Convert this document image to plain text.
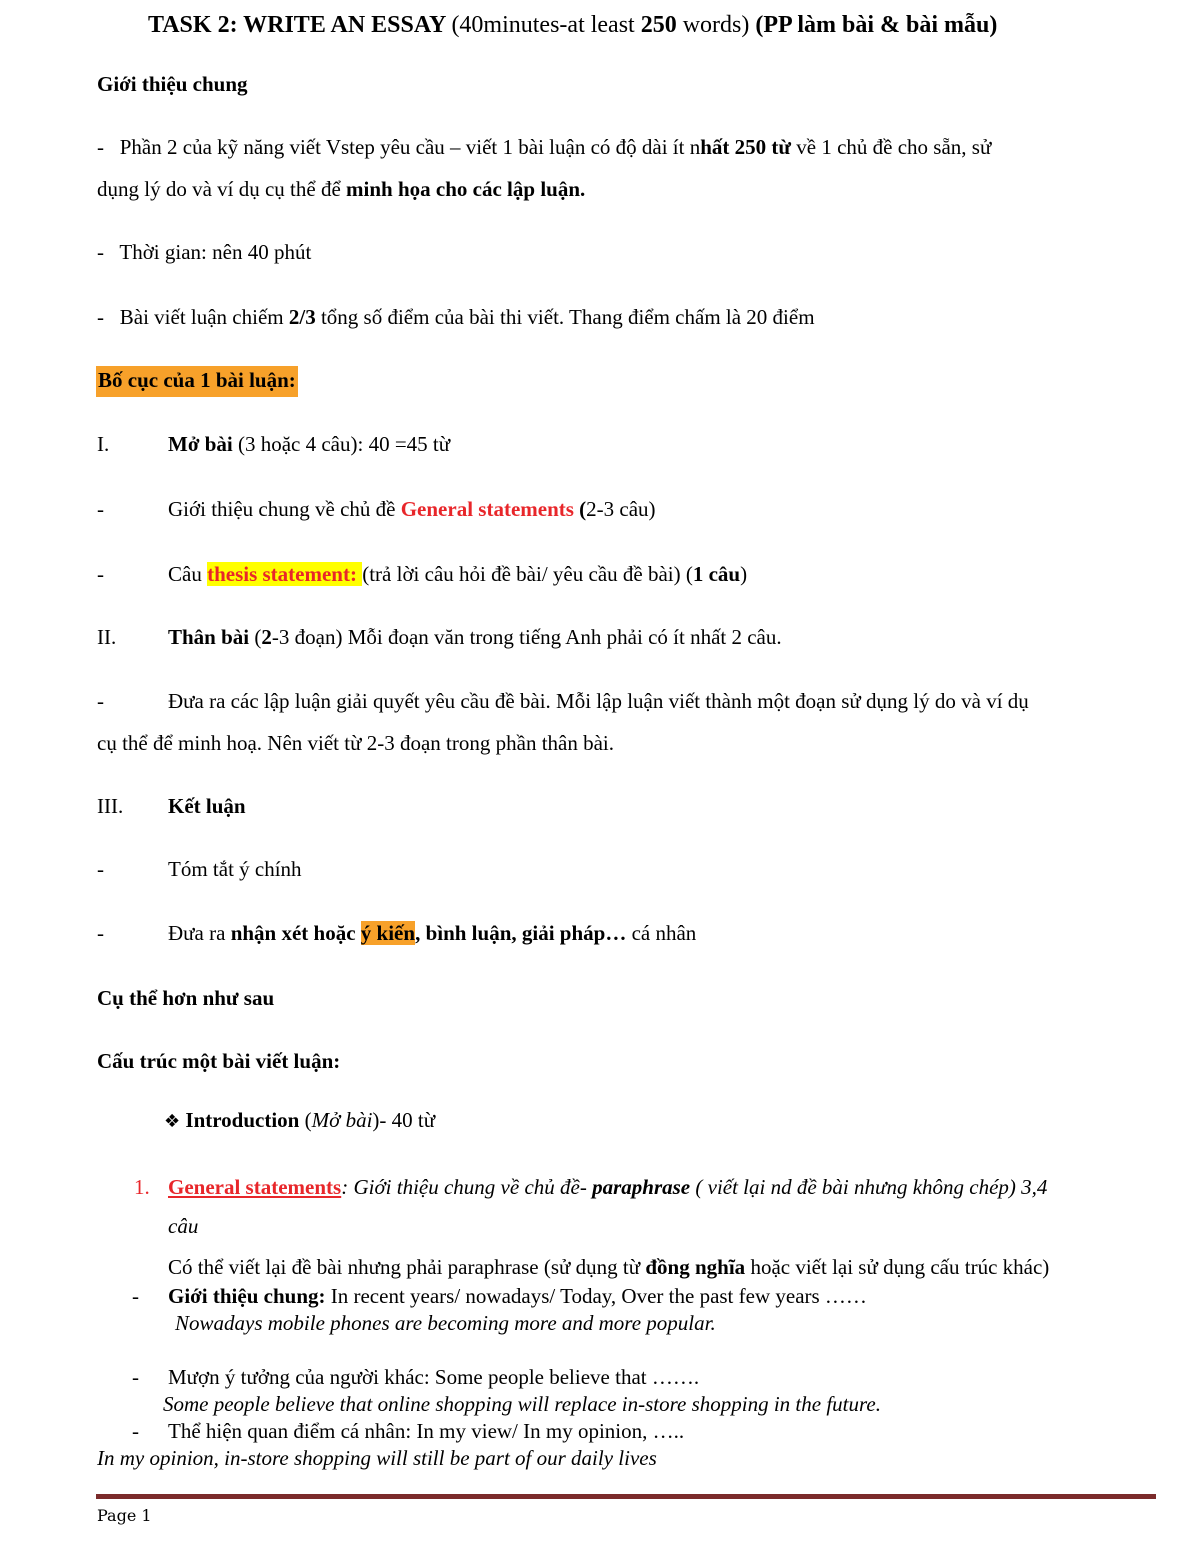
TASK 2: WRITE AN ESSAY (40minutes-at least 250 words) (PP làm bài & bài mẫu)
Giới thiệu chung
- Phần 2 của kỹ năng viết Vstep yêu cầu – viết 1 bài luận có độ dài ít nhất 250 từ về 1 chủ đề cho sẵn, sử
dụng lý do và ví dụ cụ thể để minh họa cho các lập luận.
- Thời gian: nên 40 phút
- Bài viết luận chiếm 2/3 tổng số điểm của bài thi viết. Thang điểm chấm là 20 điểm
Bố cục của 1 bài luận:
I.	Mở bài (3 hoặc 4 câu): 40 =45 từ
-	Giới thiệu chung về chủ đề General statements (2-3 câu)
-	Câu thesis statement: (trả lời câu hỏi đề bài/ yêu cầu đề bài) (1 câu)
II. Thân bài (2-3 đoạn) Mỗi đoạn văn trong tiếng Anh phải có ít nhất 2 câu.
-	Đưa ra các lập luận giải quyết yêu cầu đề bài. Mỗi lập luận viết thành một đoạn sử dụng lý do và ví dụ
cụ thể để minh hoạ. Nên viết từ 2-3 đoạn trong phần thân bài.
III. Kết luận
-	Tóm tắt ý chính
-	Đưa ra nhận xét hoặc ý kiến, bình luận, giải pháp… cá nhân
Cụ thể hơn như sau
Cấu trúc một bài viết luận:
❖ Introduction (Mở bài)- 40 từ
1. General statements: Giới thiệu chung về chủ đề- paraphrase ( viết lại nd đề bài nhưng không chép) 3,4
câu
Có thể viết lại đề bài nhưng phải paraphrase (sử dụng từ đồng nghĩa hoặc viết lại sử dụng cấu trúc khác)
- Giới thiệu chung: In recent years/ nowadays/ Today, Over the past few years ……
Nowadays mobile phones are becoming more and more popular.
- Mượn ý tưởng của người khác: Some people believe that …….
Some people believe that online shopping will replace in-store shopping in the future.
- Thể hiện quan điểm cá nhân: In my view/ In my opinion, …..
In my opinion, in-store shopping will still be part of our daily lives
Page 1
